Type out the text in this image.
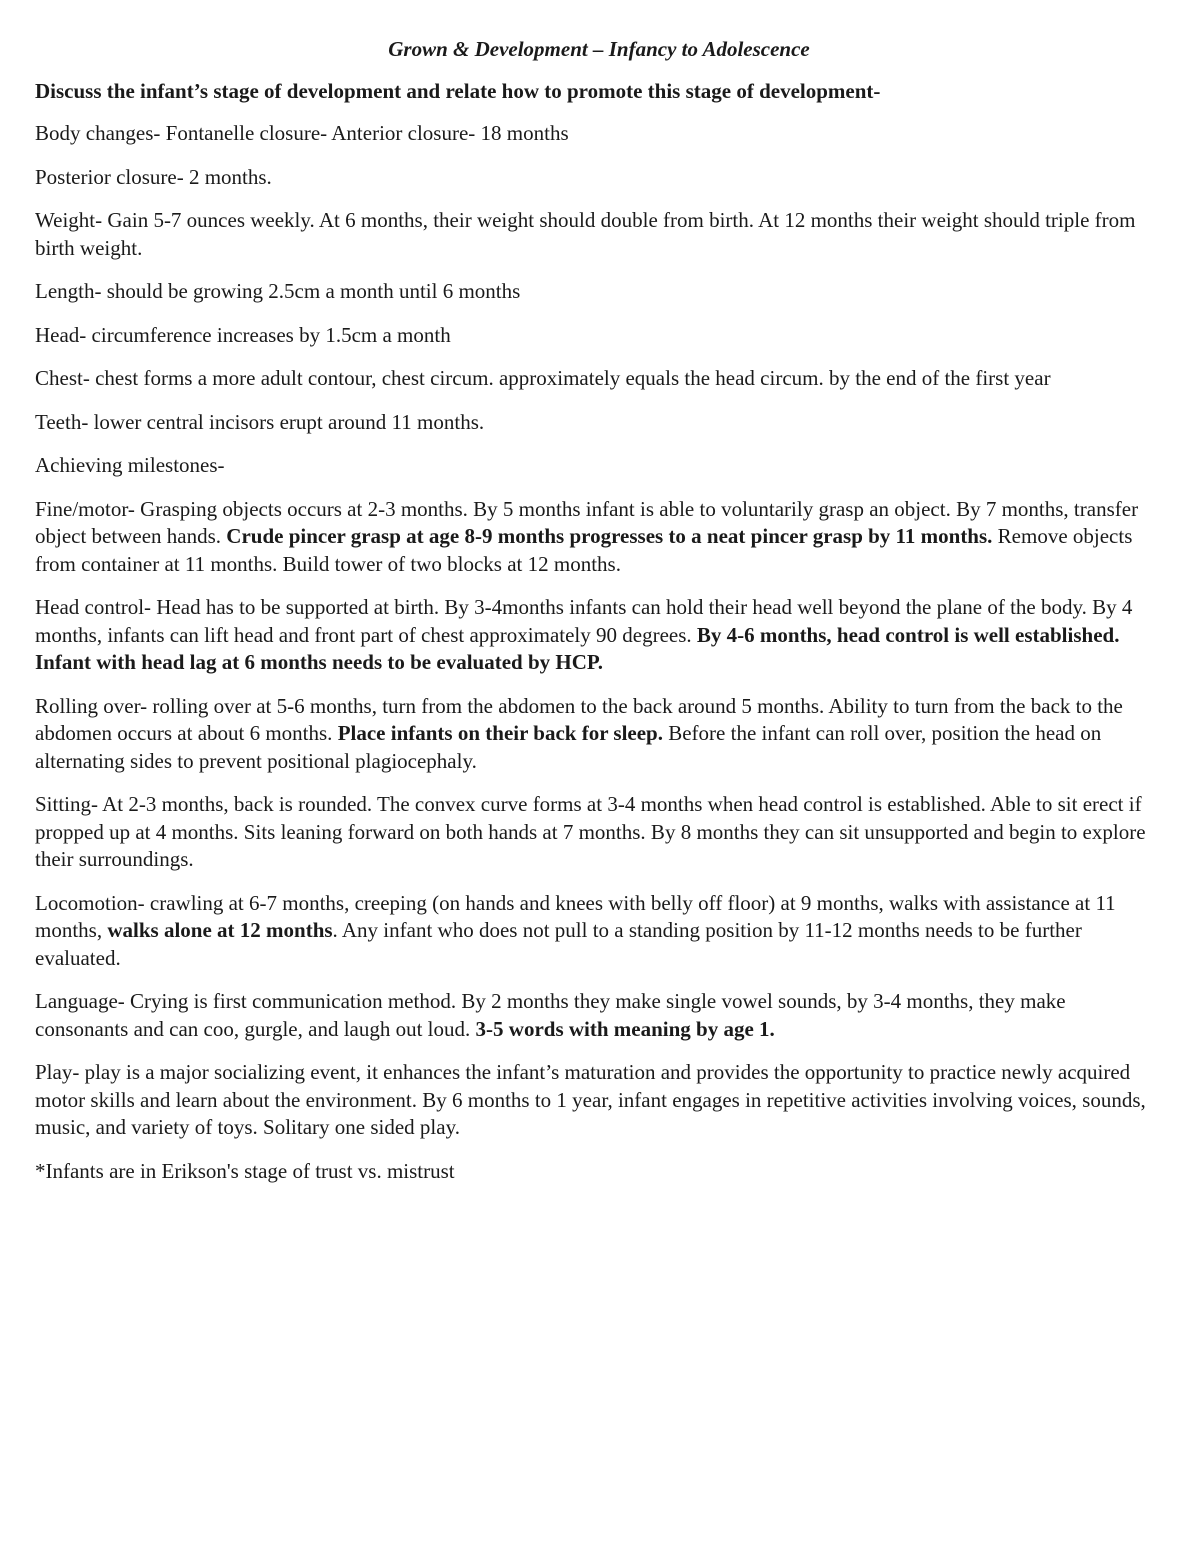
Grown & Development – Infancy to Adolescence
Discuss the infant’s stage of development and relate how to promote this stage of development-

Body changes- Fontanelle closure- Anterior closure- 18 months

Posterior closure- 2 months.

Weight- Gain 5-7 ounces weekly. At 6 months, their weight should double from birth. At 12 months their weight should triple from birth weight.

Length- should be growing 2.5cm a month until 6 months

Head- circumference increases by 1.5cm a month

Chest- chest forms a more adult contour, chest circum. approximately equals the head circum. by the end of the first year

Teeth- lower central incisors erupt around 11 months.

Achieving milestones-

Fine/motor- Grasping objects occurs at 2-3 months. By 5 months infant is able to voluntarily grasp an object. By 7 months, transfer object between hands. Crude pincer grasp at age 8-9 months progresses to a neat pincer grasp by 11 months. Remove objects from container at 11 months. Build tower of two blocks at 12 months.

Head control- Head has to be supported at birth. By 3-4months infants can hold their head well beyond the plane of the body. By 4 months, infants can lift head and front part of chest approximately 90 degrees. By 4-6 months, head control is well established. Infant with head lag at 6 months needs to be evaluated by HCP.

Rolling over- rolling over at 5-6 months, turn from the abdomen to the back around 5 months. Ability to turn from the back to the abdomen occurs at about 6 months. Place infants on their back for sleep. Before the infant can roll over, position the head on alternating sides to prevent positional plagiocephaly.

Sitting- At 2-3 months, back is rounded. The convex curve forms at 3-4 months when head control is established. Able to sit erect if propped up at 4 months. Sits leaning forward on both hands at 7 months. By 8 months they can sit unsupported and begin to explore their surroundings.

Locomotion- crawling at 6-7 months, creeping (on hands and knees with belly off floor) at 9 months, walks with assistance at 11 months, walks alone at 12 months. Any infant who does not pull to a standing position by 11-12 months needs to be further evaluated.

Language- Crying is first communication method. By 2 months they make single vowel sounds, by 3-4 months, they make consonants and can coo, gurgle, and laugh out loud. 3-5 words with meaning by age 1.

Play- play is a major socializing event, it enhances the infant’s maturation and provides the opportunity to practice newly acquired motor skills and learn about the environment. By 6 months to 1 year, infant engages in repetitive activities involving voices, sounds, music, and variety of toys. Solitary one sided play.

*Infants are in Erikson's stage of trust vs. mistrust
